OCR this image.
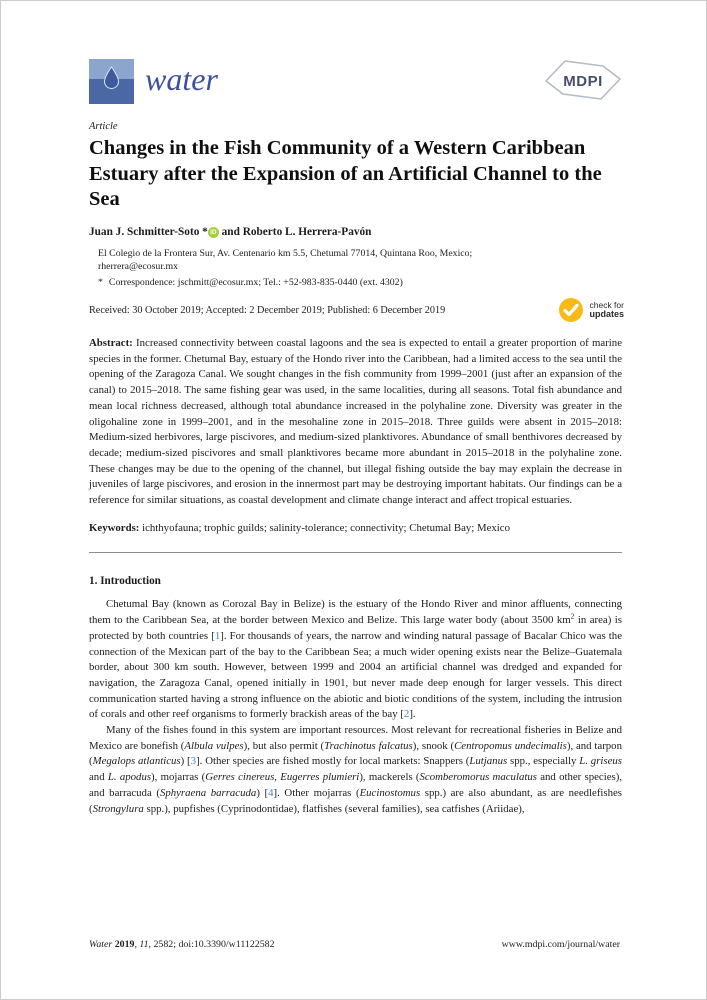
water	MDPI
Article
Changes in the Fish Community of a Western Caribbean Estuary after the Expansion of an Artificial Channel to the Sea
Juan J. Schmitter-Soto * iD and Roberto L. Herrera-Pavón
El Colegio de la Frontera Sur, Av. Centenario km 5.5, Chetumal 77014, Quintana Roo, Mexico;
rherrera@ecosur.mx
* Correspondence: jschmitt@ecosur.mx; Tel.: +52-983-835-0440 (ext. 4302)
Received: 30 October 2019; Accepted: 2 December 2019; Published: 6 December 2019

Abstract: Increased connectivity between coastal lagoons and the sea is expected to entail a greater proportion of marine species in the former. Chetumal Bay, estuary of the Hondo river into the Caribbean, had a limited access to the sea until the opening of the Zaragoza Canal. We sought changes in the fish community from 1999–2001 (just after an expansion of the canal) to 2015–2018. The same fishing gear was used, in the same localities, during all seasons. Total fish abundance and mean local richness decreased, although total abundance increased in the polyhaline zone. Diversity was greater in the oligohaline zone in 1999–2001, and in the mesohaline zone in 2015–2018. Three guilds were absent in 2015–2018: Medium-sized herbivores, large piscivores, and medium-sized planktivores. Abundance of small benthivores decreased by decade; medium-sized piscivores and small planktivores became more abundant in 2015–2018 in the polyhaline zone. These changes may be due to the opening of the channel, but illegal fishing outside the bay may explain the decrease in juveniles of large piscivores, and erosion in the innermost part may be destroying important habitats. Our findings can be a reference for similar situations, as coastal development and climate change interact and affect tropical estuaries.

Keywords: ichthyofauna; trophic guilds; salinity-tolerance; connectivity; Chetumal Bay; Mexico

1. Introduction

Chetumal Bay (known as Corozal Bay in Belize) is the estuary of the Hondo River and minor affluents, connecting them to the Caribbean Sea, at the border between Mexico and Belize. This large water body (about 3500 $km^2$ in area) is protected by both countries [1]. For thousands of years, the narrow and winding natural passage of Bacalar Chico was the connection of the Mexican part of the bay to the Caribbean Sea; a much wider opening exists near the Belize–Guatemala border, about 300 km south. However, between 1999 and 2004 an artificial channel was dredged and expanded for navigation, the Zaragoza Canal, opened initially in 1901, but never made deep enough for larger vessels. This direct communication started having a strong influence on the abiotic and biotic conditions of the system, including the intrusion of corals and other reef organisms to formerly brackish areas of the bay [2].

Many of the fishes found in this system are important resources. Most relevant for recreational fisheries in Belize and Mexico are bonefish (Albula vulpes), but also permit (Trachinotus falcatus), snook (Centropomus undecimalis), and tarpon (Megalops atlanticus) [3]. Other species are fished mostly for local markets: Snappers (Lutjanus spp., especially L. griseus and L. apodus), mojarras (Gerres cinereus, Eugerres plumieri), mackerels (Scomberomorus maculatus and other species), and barracuda (Sphyraena barracuda) [4]. Other mojarras (Eucinostomus spp.) are also abundant, as are needlefishes (Strongylura spp.), pupfishes (Cyprinodontidae), flatfishes (several families), sea catfishes (Ariidae),

check for
updates
Water 2019, 11, 2582; doi:10.3390/w11122582	www.mdpi.com/journal/water
